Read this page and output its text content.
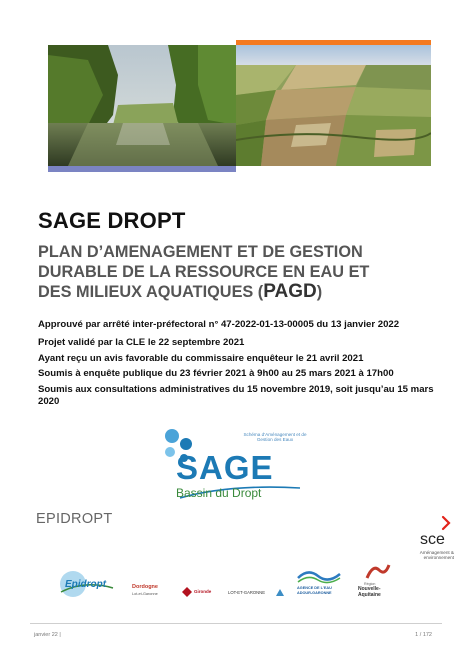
SAGE DROPT
PLAN D’AMENAGEMENT ET DE GESTION
DURABLE DE LA RESSOURCE EN EAU ET
DES MILIEUX AQUATIQUES (PAGD)
Approuvé par arrêté inter-préfectoral n° 47-2022-01-13-00005 du 13 janvier 2022
Projet validé par la CLE le 22 septembre 2021
Ayant reçu un avis favorable du commissaire enquêteur le 21 avril 2021
Soumis à enquête publique du 23 février 2021 à 9h00 au 25 mars 2021 à 17h00
Soumis aux consultations administratives du 15 novembre 2019, soit jusqu’au 15 mars 2020
Schéma d’Aménagement et de Gestion des Eaux
SAGE
Bassin du Dropt
EPIDROPT
sce
Aménagement & environnement
Epidropt	Dordogne
Lot-et-Garonne	Gironde	LOT-ET-GARONNE
AGENCE DE L'EAU ADOUR-GARONNE
Région
Nouvelle-Aquitaine
janvier 22 |	1 / 172
